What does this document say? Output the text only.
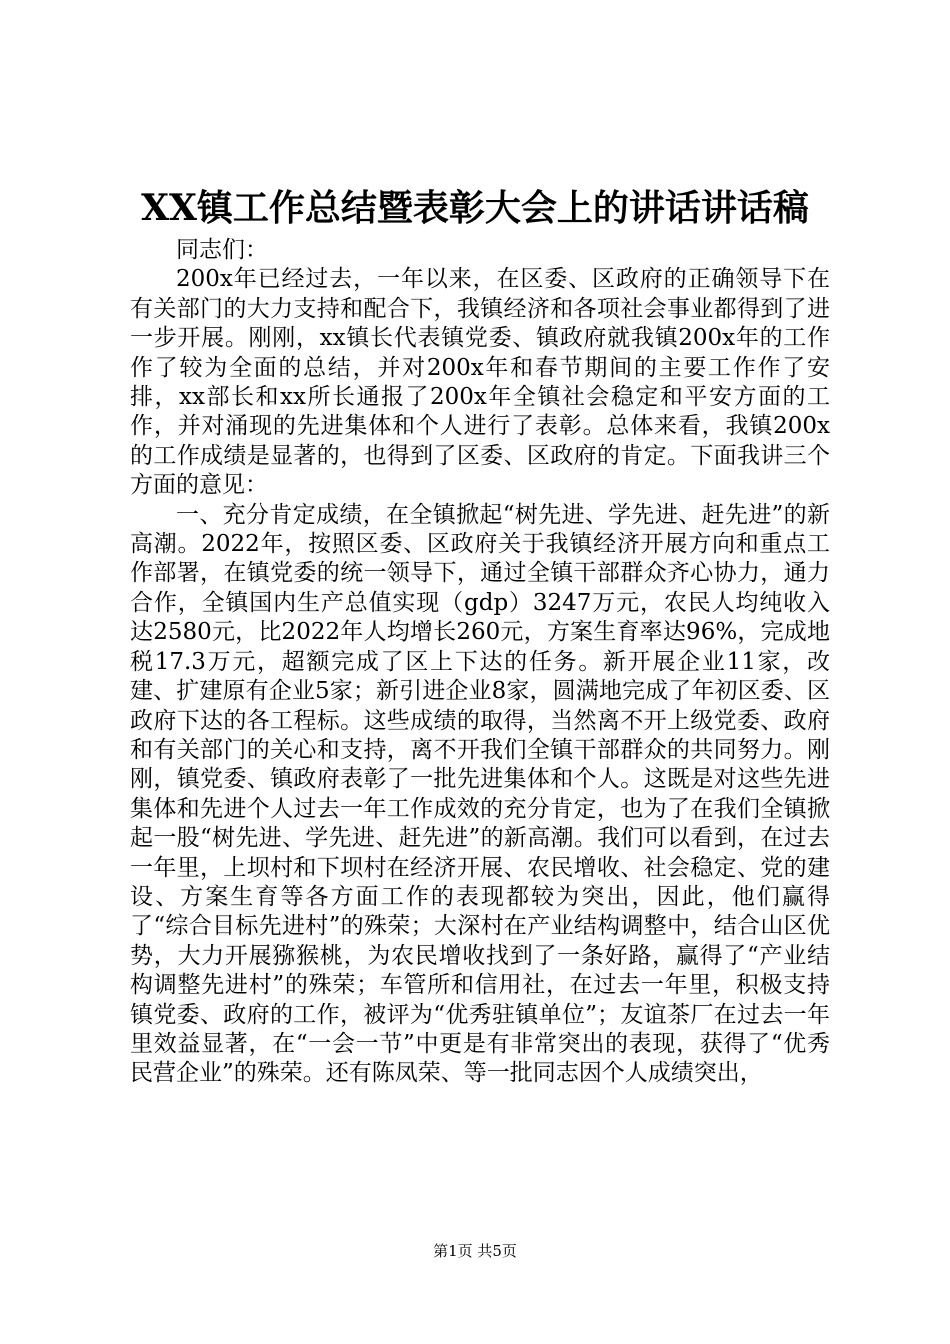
XX镇工作总结暨表彰大会上的讲话讲话稿

同志们：

200x年已经过去，一年以来，在区委、区政府的正确领导下在有关部门的大力支持和配合下，我镇经济和各项社会事业都得到了进一步开展。刚刚，xx镇长代表镇党委、镇政府就我镇200x年的工作作了较为全面的总结，并对200x年和春节期间的主要工作作了安排，xx部长和xx所长通报了200x年全镇社会稳定和平安方面的工作，并对涌现的先进集体和个人进行了表彰。总体来看，我镇200x的工作成绩是显著的，也得到了区委、区政府的肯定。下面我讲三个方面的意见：

一、充分肯定成绩，在全镇掀起“树先进、学先进、赶先进”的新高潮。2022年，按照区委、区政府关于我镇经济开展方向和重点工作部署，在镇党委的统一领导下，通过全镇干部群众齐心协力，通力合作，全镇国内生产总值实现（gdp）3247万元，农民人均纯收入达2580元，比2022年人均增长260元，方案生育率达96%，完成地税17.3万元，超额完成了区上下达的任务。新开展企业11家，改建、扩建原有企业5家；新引进企业8家，圆满地完成了年初区委、区政府下达的各工程标。这些成绩的取得，当然离不开上级党委、政府和有关部门的关心和支持，离不开我们全镇干部群众的共同努力。刚刚，镇党委、镇政府表彰了一批先进集体和个人。这既是对这些先进集体和先进个人过去一年工作成效的充分肯定，也为了在我们全镇掀起一股“树先进、学先进、赶先进”的新高潮。我们可以看到，在过去一年里，上坝村和下坝村在经济开展、农民增收、社会稳定、党的建设、方案生育等各方面工作的表现都较为突出，因此，他们赢得了“综合目标先进村”的殊荣；大深村在产业结构调整中，结合山区优势，大力开展猕猴桃，为农民增收找到了一条好路，赢得了“产业结构调整先进村”的殊荣；车管所和信用社，在过去一年里，积极支持镇党委、政府的工作，被评为“优秀驻镇单位”；友谊茶厂在过去一年里效益显著，在“一会一节”中更是有非常突出的表现，获得了“优秀民营企业”的殊荣。还有陈凤荣、等一批同志因个人成绩突出，

第1页 共5页
